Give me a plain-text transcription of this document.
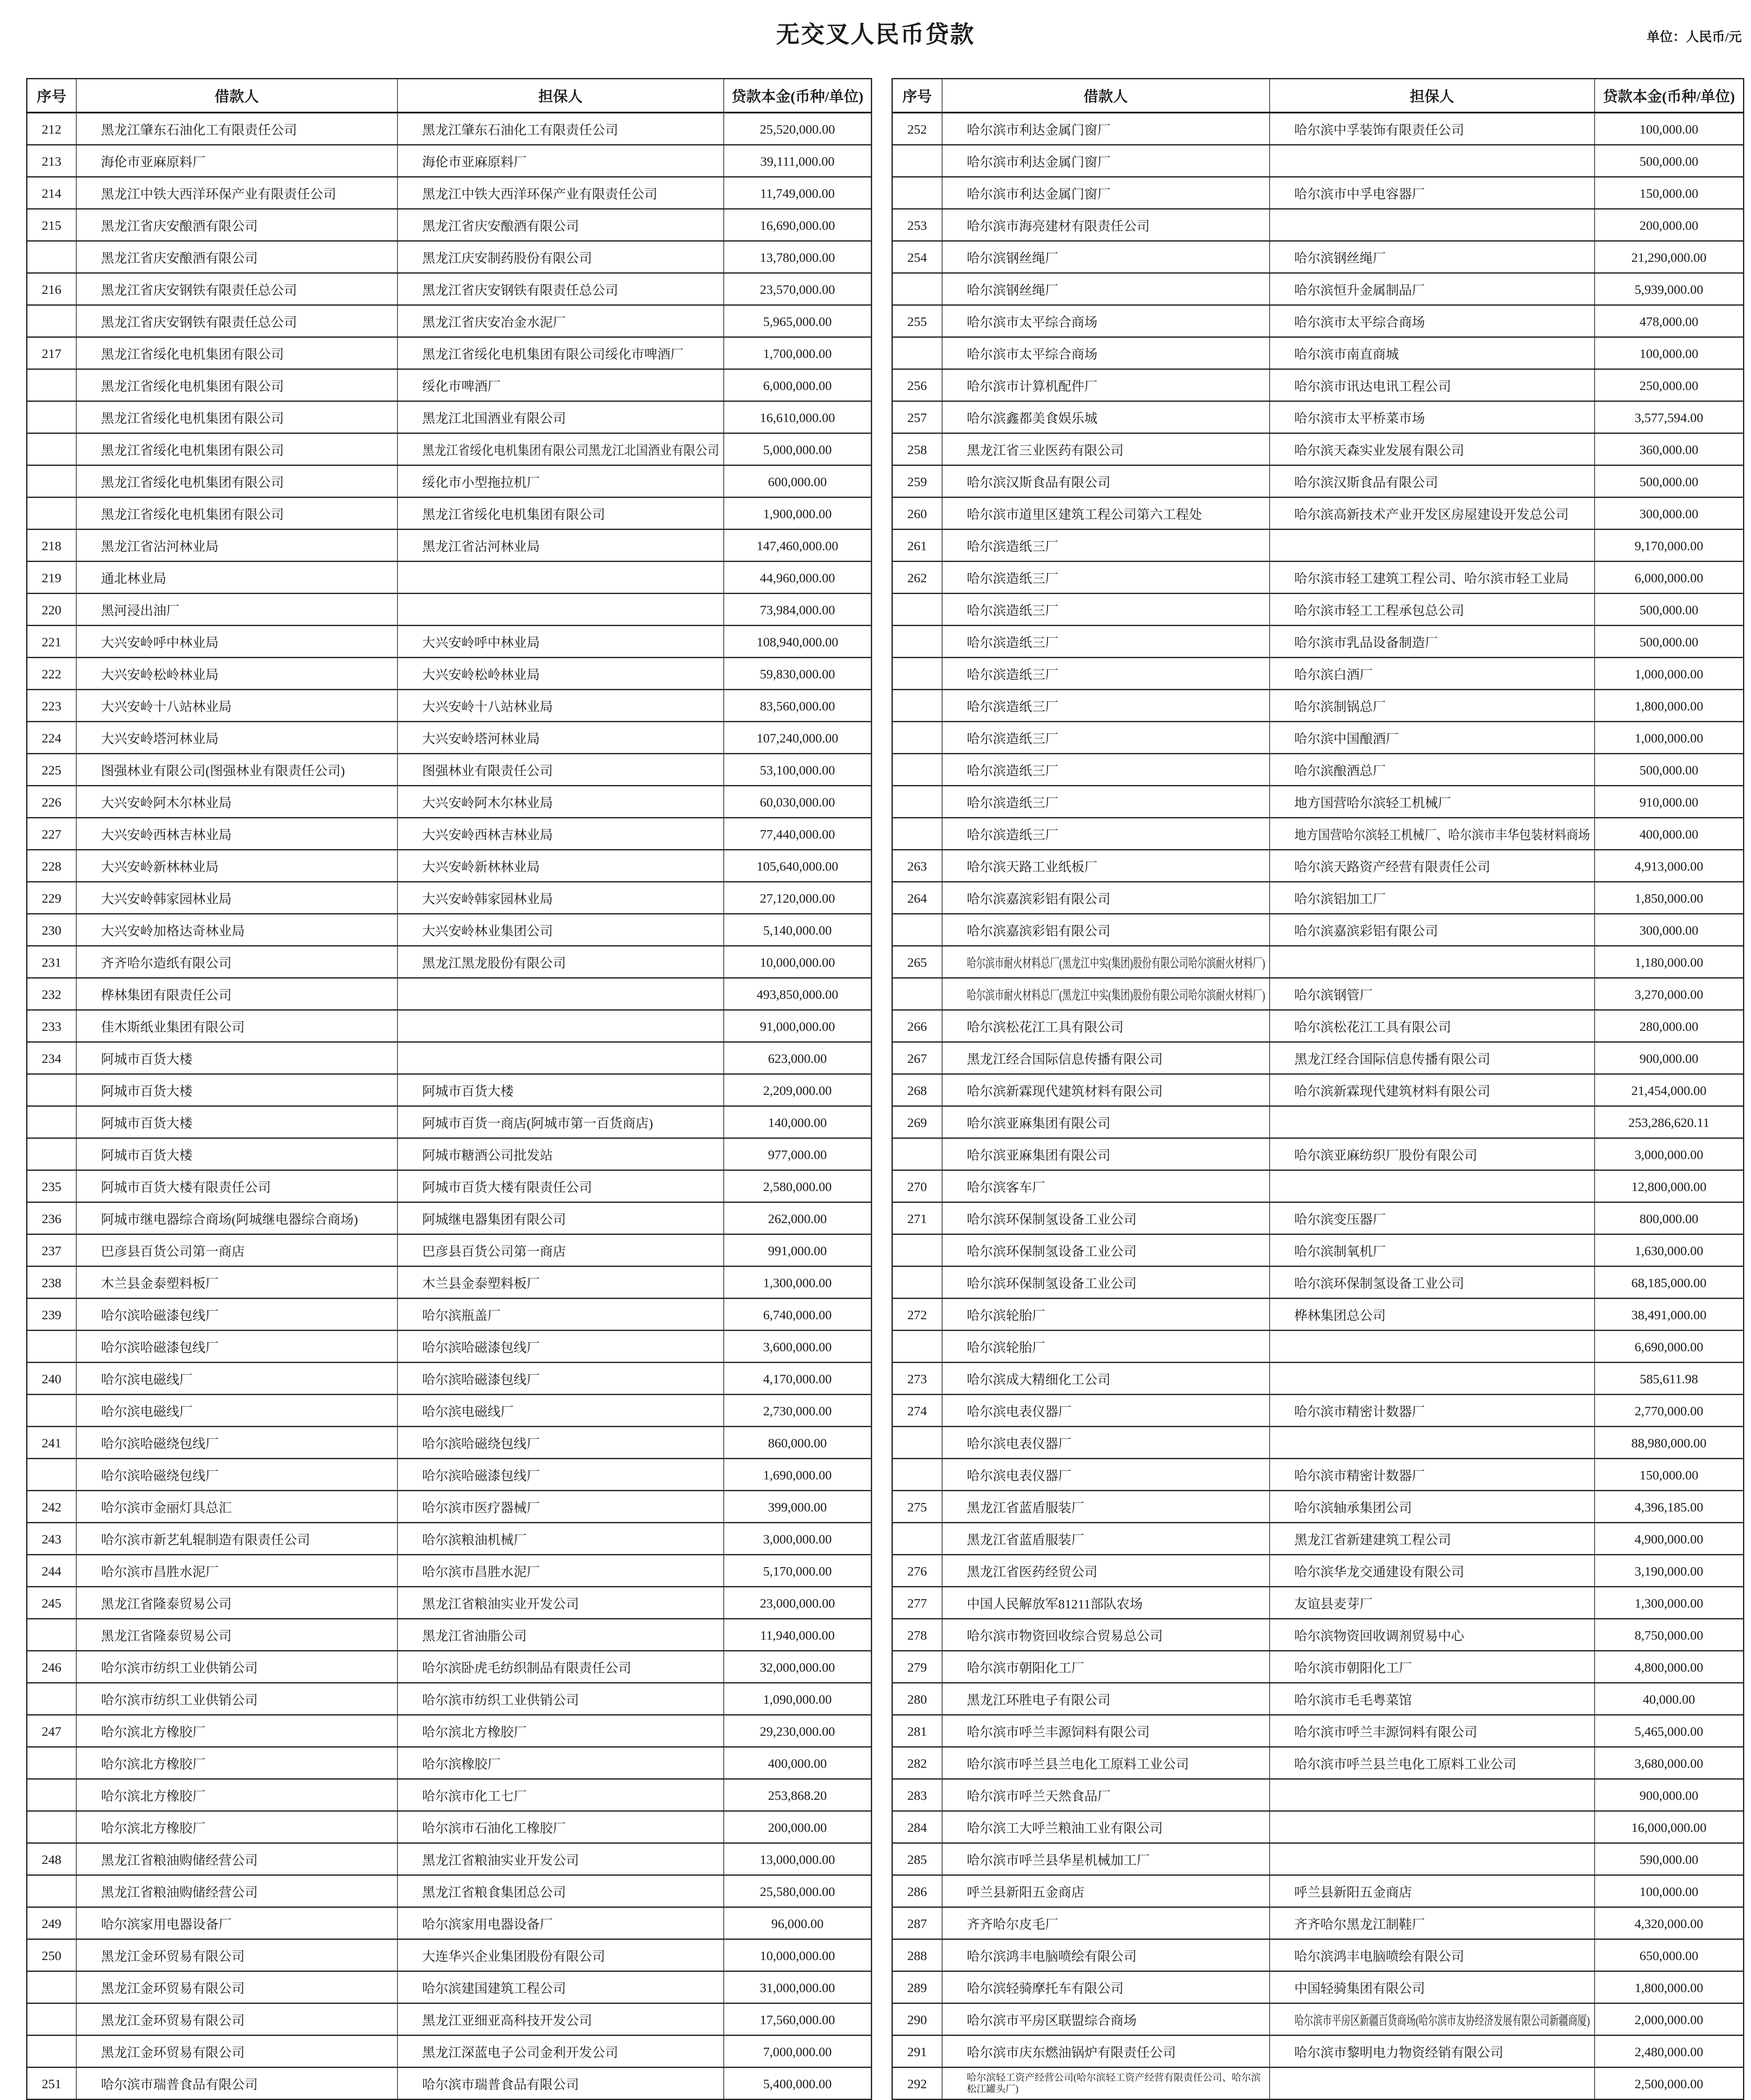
无交叉人民币贷款	单位：人民币/元
序号	借款人	担保人	贷款本金(币种/单位)
212	黑龙江肇东石油化工有限责任公司	黑龙江肇东石油化工有限责任公司	25,520,000.00
213	海伦市亚麻原料厂	海伦市亚麻原料厂	39,111,000.00
214	黑龙江中铁大西洋环保产业有限责任公司	黑龙江中铁大西洋环保产业有限责任公司	11,749,000.00
215	黑龙江省庆安酿酒有限公司	黑龙江省庆安酿酒有限公司	16,690,000.00
	黑龙江省庆安酿酒有限公司	黑龙江庆安制药股份有限公司	13,780,000.00
216	黑龙江省庆安钢铁有限责任总公司	黑龙江省庆安钢铁有限责任总公司	23,570,000.00
	黑龙江省庆安钢铁有限责任总公司	黑龙江省庆安冶金水泥厂	5,965,000.00
217	黑龙江省绥化电机集团有限公司	黑龙江省绥化电机集团有限公司绥化市啤酒厂	1,700,000.00
	黑龙江省绥化电机集团有限公司	绥化市啤酒厂	6,000,000.00
	黑龙江省绥化电机集团有限公司	黑龙江北国酒业有限公司	16,610,000.00
	黑龙江省绥化电机集团有限公司	黑龙江省绥化电机集团有限公司黑龙江北国酒业有限公司	5,000,000.00
	黑龙江省绥化电机集团有限公司	绥化市小型拖拉机厂	600,000.00
	黑龙江省绥化电机集团有限公司	黑龙江省绥化电机集团有限公司	1,900,000.00
218	黑龙江省沾河林业局	黑龙江省沾河林业局	147,460,000.00
219	通北林业局		44,960,000.00
220	黑河浸出油厂		73,984,000.00
221	大兴安岭呼中林业局	大兴安岭呼中林业局	108,940,000.00
222	大兴安岭松岭林业局	大兴安岭松岭林业局	59,830,000.00
223	大兴安岭十八站林业局	大兴安岭十八站林业局	83,560,000.00
224	大兴安岭塔河林业局	大兴安岭塔河林业局	107,240,000.00
225	图强林业有限公司(图强林业有限责任公司)	图强林业有限责任公司	53,100,000.00
226	大兴安岭阿木尔林业局	大兴安岭阿木尔林业局	60,030,000.00
227	大兴安岭西林吉林业局	大兴安岭西林吉林业局	77,440,000.00
228	大兴安岭新林林业局	大兴安岭新林林业局	105,640,000.00
229	大兴安岭韩家园林业局	大兴安岭韩家园林业局	27,120,000.00
230	大兴安岭加格达奇林业局	大兴安岭林业集团公司	5,140,000.00
231	齐齐哈尔造纸有限公司	黑龙江黑龙股份有限公司	10,000,000.00
232	桦林集团有限责任公司		493,850,000.00
233	佳木斯纸业集团有限公司		91,000,000.00
234	阿城市百货大楼		623,000.00
	阿城市百货大楼	阿城市百货大楼	2,209,000.00
	阿城市百货大楼	阿城市百货一商店(阿城市第一百货商店)	140,000.00
	阿城市百货大楼	阿城市糖酒公司批发站	977,000.00
235	阿城市百货大楼有限责任公司	阿城市百货大楼有限责任公司	2,580,000.00
236	阿城市继电器综合商场(阿城继电器综合商场)	阿城继电器集团有限公司	262,000.00
237	巴彦县百货公司第一商店	巴彦县百货公司第一商店	991,000.00
238	木兰县金泰塑料板厂	木兰县金泰塑料板厂	1,300,000.00
239	哈尔滨哈磁漆包线厂	哈尔滨瓶盖厂	6,740,000.00
	哈尔滨哈磁漆包线厂	哈尔滨哈磁漆包线厂	3,600,000.00
240	哈尔滨电磁线厂	哈尔滨哈磁漆包线厂	4,170,000.00
	哈尔滨电磁线厂	哈尔滨电磁线厂	2,730,000.00
241	哈尔滨哈磁绕包线厂	哈尔滨哈磁绕包线厂	860,000.00
	哈尔滨哈磁绕包线厂	哈尔滨哈磁漆包线厂	1,690,000.00
242	哈尔滨市金丽灯具总汇	哈尔滨市医疗器械厂	399,000.00
243	哈尔滨市新艺轧辊制造有限责任公司	哈尔滨粮油机械厂	3,000,000.00
244	哈尔滨市昌胜水泥厂	哈尔滨市昌胜水泥厂	5,170,000.00
245	黑龙江省隆泰贸易公司	黑龙江省粮油实业开发公司	23,000,000.00
	黑龙江省隆泰贸易公司	黑龙江省油脂公司	11,940,000.00
246	哈尔滨市纺织工业供销公司	哈尔滨卧虎毛纺织制品有限责任公司	32,000,000.00
	哈尔滨市纺织工业供销公司	哈尔滨市纺织工业供销公司	1,090,000.00
247	哈尔滨北方橡胶厂	哈尔滨北方橡胶厂	29,230,000.00
	哈尔滨北方橡胶厂	哈尔滨橡胶厂	400,000.00
	哈尔滨北方橡胶厂	哈尔滨市化工七厂	253,868.20
	哈尔滨北方橡胶厂	哈尔滨市石油化工橡胶厂	200,000.00
248	黑龙江省粮油购储经营公司	黑龙江省粮油实业开发公司	13,000,000.00
	黑龙江省粮油购储经营公司	黑龙江省粮食集团总公司	25,580,000.00
249	哈尔滨家用电器设备厂	哈尔滨家用电器设备厂	96,000.00
250	黑龙江金环贸易有限公司	大连华兴企业集团股份有限公司	10,000,000.00
	黑龙江金环贸易有限公司	哈尔滨建国建筑工程公司	31,000,000.00
	黑龙江金环贸易有限公司	黑龙江亚细亚高科技开发公司	17,560,000.00
	黑龙江金环贸易有限公司	黑龙江深蓝电子公司金利开发公司	7,000,000.00
251	哈尔滨市瑞普食品有限公司	哈尔滨市瑞普食品有限公司	5,400,000.00
序号	借款人	担保人	贷款本金(币种/单位)
252	哈尔滨市利达金属门窗厂	哈尔滨中孚装饰有限责任公司	100,000.00
	哈尔滨市利达金属门窗厂		500,000.00
	哈尔滨市利达金属门窗厂	哈尔滨市中孚电容器厂	150,000.00
253	哈尔滨市海亮建材有限责任公司		200,000.00
254	哈尔滨钢丝绳厂	哈尔滨钢丝绳厂	21,290,000.00
	哈尔滨钢丝绳厂	哈尔滨恒升金属制品厂	5,939,000.00
255	哈尔滨市太平综合商场	哈尔滨市太平综合商场	478,000.00
	哈尔滨市太平综合商场	哈尔滨市南直商城	100,000.00
256	哈尔滨市计算机配件厂	哈尔滨市讯达电讯工程公司	250,000.00
257	哈尔滨鑫都美食娱乐城	哈尔滨市太平桥菜市场	3,577,594.00
258	黑龙江省三业医药有限公司	哈尔滨天森实业发展有限公司	360,000.00
259	哈尔滨汉斯食品有限公司	哈尔滨汉斯食品有限公司	500,000.00
260	哈尔滨市道里区建筑工程公司第六工程处	哈尔滨高新技术产业开发区房屋建设开发总公司	300,000.00
261	哈尔滨造纸三厂		9,170,000.00
262	哈尔滨造纸三厂	哈尔滨市轻工建筑工程公司、哈尔滨市轻工业局	6,000,000.00
	哈尔滨造纸三厂	哈尔滨市轻工工程承包总公司	500,000.00
	哈尔滨造纸三厂	哈尔滨市乳品设备制造厂	500,000.00
	哈尔滨造纸三厂	哈尔滨白酒厂	1,000,000.00
	哈尔滨造纸三厂	哈尔滨制锅总厂	1,800,000.00
	哈尔滨造纸三厂	哈尔滨中国酿酒厂	1,000,000.00
	哈尔滨造纸三厂	哈尔滨酿酒总厂	500,000.00
	哈尔滨造纸三厂	地方国营哈尔滨轻工机械厂	910,000.00
	哈尔滨造纸三厂	地方国营哈尔滨轻工机械厂、哈尔滨市丰华包装材料商场	400,000.00
263	哈尔滨天路工业纸板厂	哈尔滨天路资产经营有限责任公司	4,913,000.00
264	哈尔滨嘉滨彩铝有限公司	哈尔滨铝加工厂	1,850,000.00
	哈尔滨嘉滨彩铝有限公司	哈尔滨嘉滨彩铝有限公司	300,000.00
265	哈尔滨市耐火材料总厂(黑龙江中实(集团)股份有限公司哈尔滨耐火材料厂)		1,180,000.00
	哈尔滨市耐火材料总厂(黑龙江中实(集团)股份有限公司哈尔滨耐火材料厂)	哈尔滨钢管厂	3,270,000.00
266	哈尔滨松花江工具有限公司	哈尔滨松花江工具有限公司	280,000.00
267	黑龙江经合国际信息传播有限公司	黑龙江经合国际信息传播有限公司	900,000.00
268	哈尔滨新霖现代建筑材料有限公司	哈尔滨新霖现代建筑材料有限公司	21,454,000.00
269	哈尔滨亚麻集团有限公司		253,286,620.11
	哈尔滨亚麻集团有限公司	哈尔滨亚麻纺织厂股份有限公司	3,000,000.00
270	哈尔滨客车厂		12,800,000.00
271	哈尔滨环保制氢设备工业公司	哈尔滨变压器厂	800,000.00
	哈尔滨环保制氢设备工业公司	哈尔滨制氧机厂	1,630,000.00
	哈尔滨环保制氢设备工业公司	哈尔滨环保制氢设备工业公司	68,185,000.00
272	哈尔滨轮胎厂	桦林集团总公司	38,491,000.00
	哈尔滨轮胎厂		6,690,000.00
273	哈尔滨成大精细化工公司		585,611.98
274	哈尔滨电表仪器厂	哈尔滨市精密计数器厂	2,770,000.00
	哈尔滨电表仪器厂		88,980,000.00
	哈尔滨电表仪器厂	哈尔滨市精密计数器厂	150,000.00
275	黑龙江省蓝盾服装厂	哈尔滨轴承集团公司	4,396,185.00
	黑龙江省蓝盾服装厂	黑龙江省新建建筑工程公司	4,900,000.00
276	黑龙江省医药经贸公司	哈尔滨华龙交通建设有限公司	3,190,000.00
277	中国人民解放军81211部队农场	友谊县麦芽厂	1,300,000.00
278	哈尔滨市物资回收综合贸易总公司	哈尔滨物资回收调剂贸易中心	8,750,000.00
279	哈尔滨市朝阳化工厂	哈尔滨市朝阳化工厂	4,800,000.00
280	黑龙江环胜电子有限公司	哈尔滨市毛毛粤菜馆	40,000.00
281	哈尔滨市呼兰丰源饲料有限公司	哈尔滨市呼兰丰源饲料有限公司	5,465,000.00
282	哈尔滨市呼兰县兰电化工原料工业公司	哈尔滨市呼兰县兰电化工原料工业公司	3,680,000.00
283	哈尔滨市呼兰天然食品厂		900,000.00
284	哈尔滨工大呼兰粮油工业有限公司		16,000,000.00
285	哈尔滨市呼兰县华星机械加工厂		590,000.00
286	呼兰县新阳五金商店	呼兰县新阳五金商店	100,000.00
287	齐齐哈尔皮毛厂	齐齐哈尔黑龙江制鞋厂	4,320,000.00
288	哈尔滨鸿丰电脑喷绘有限公司	哈尔滨鸿丰电脑喷绘有限公司	650,000.00
289	哈尔滨轻骑摩托车有限公司	中国轻骑集团有限公司	1,800,000.00
290	哈尔滨市平房区联盟综合商场	哈尔滨市平房区新疆百货商场(哈尔滨市友协经济发展有限公司新疆商厦)	2,000,000.00
291	哈尔滨市庆东燃油锅炉有限责任公司	哈尔滨市黎明电力物资经销有限公司	2,480,000.00
292	哈尔滨轻工资产经营公司(哈尔滨轻工资产经营有限责任公司、哈尔滨松江罐头厂)		2,500,000.00
